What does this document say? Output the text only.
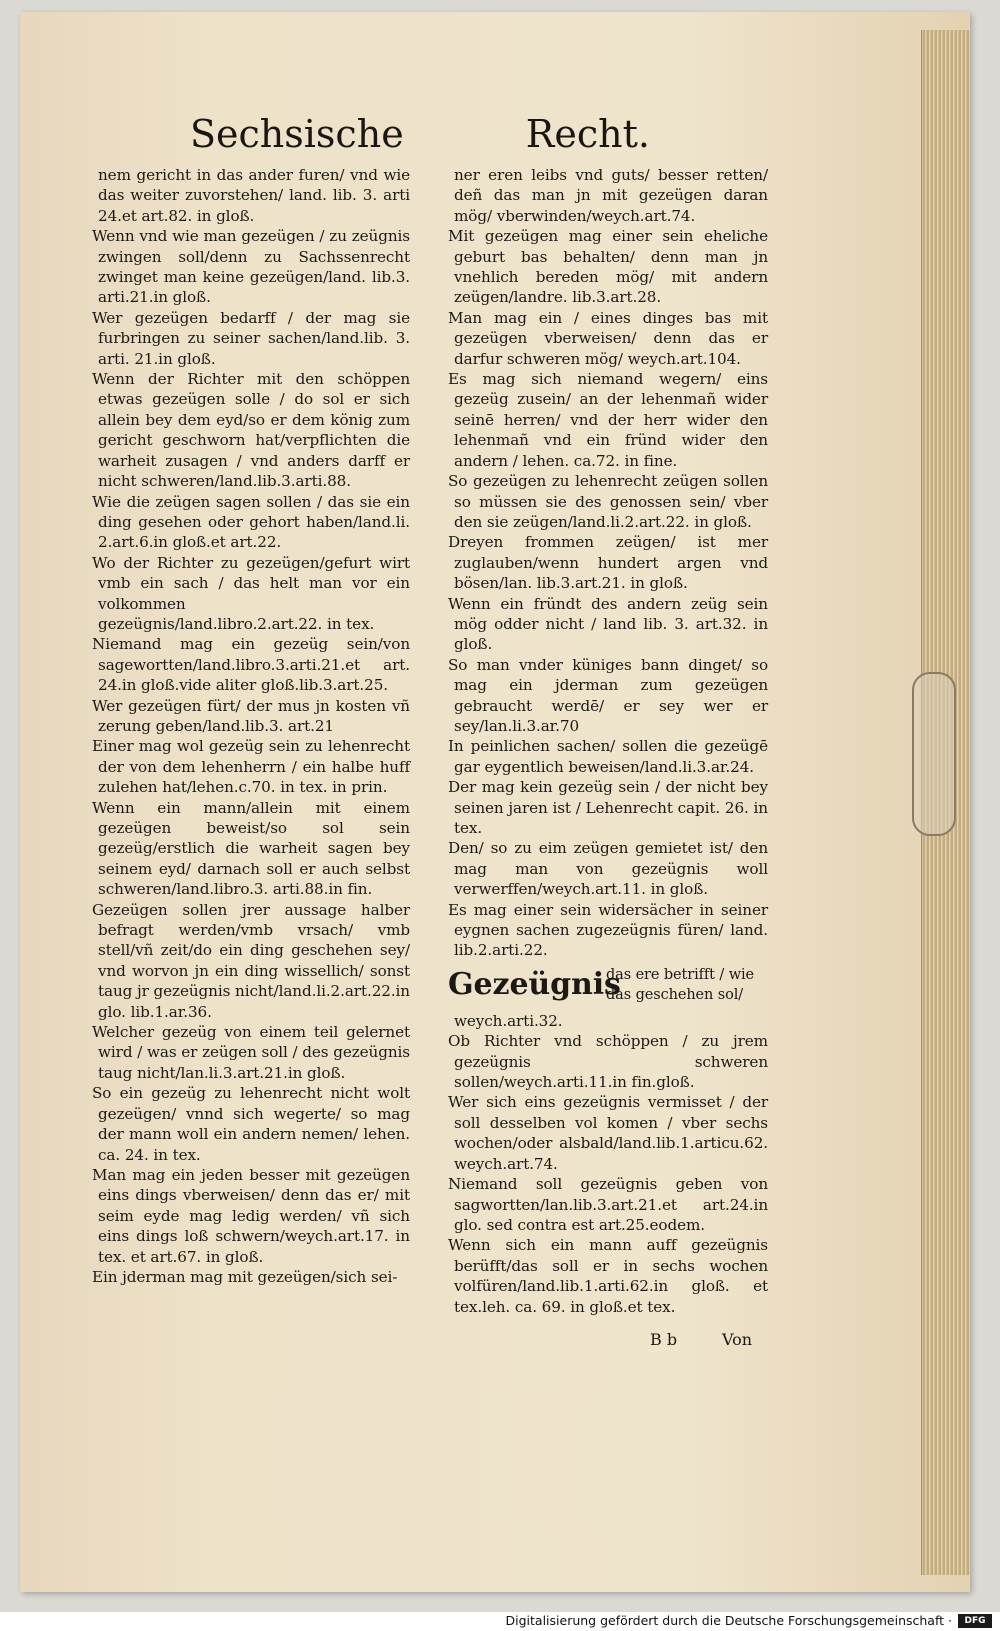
Sechsische	Recht.

nem gericht in das ander furen/ vnd wie das weiter zuvorstehen/ land. lib. 3. arti 24.et art.82. in gloß.

Wenn vnd wie man gezeügen / zu zeügnis zwingen soll/denn zu Sachssenrecht zwinget man keine gezeügen/land. lib.3. arti.21.in gloß.

Wer gezeügen bedarff / der mag sie furbringen zu seiner sachen/land.lib. 3. arti. 21.in gloß.

Wenn der Richter mit den schöppen etwas gezeügen solle / do sol er sich allein bey dem eyd/so er dem könig zum gericht geschworn hat/verpflichten die warheit zusagen / vnd anders darff er nicht schweren/land.lib.3.arti.88.

Wie die zeügen sagen sollen / das sie ein ding gesehen oder gehort haben/land.li. 2.art.6.in gloß.et art.22.

Wo der Richter zu gezeügen/gefurt wirt vmb ein sach / das helt man vor ein volkommen gezeügnis/land.libro.2.art.22. in tex.

Niemand mag ein gezeüg sein/von sagewortten/land.libro.3.arti.21.et art. 24.in gloß.vide aliter gloß.lib.3.art.25.

Wer gezeügen fürt/ der mus jn kosten vñ zerung geben/land.lib.3. art.21

Einer mag wol gezeüg sein zu lehenrecht der von dem lehenherrn / ein halbe huff zulehen hat/lehen.c.70. in tex. in prin.

Wenn ein mann/allein mit einem gezeügen beweist/so sol sein gezeüg/erstlich die warheit sagen bey seinem eyd/ darnach soll er auch selbst schweren/land.libro.3. arti.88.in fin.

Gezeügen sollen jrer aussage halber befragt werden/vmb vrsach/ vmb stell/vñ zeit/do ein ding geschehen sey/ vnd worvon jn ein ding wissellich/ sonst taug jr gezeügnis nicht/land.li.2.art.22.in glo. lib.1.ar.36.

Welcher gezeüg von einem teil gelernet wird / was er zeügen soll / des gezeügnis taug nicht/lan.li.3.art.21.in gloß.

So ein gezeüg zu lehenrecht nicht wolt gezeügen/ vnnd sich wegerte/ so mag der mann woll ein andern nemen/ lehen. ca. 24. in tex.

Man mag ein jeden besser mit gezeügen eins dings vberweisen/ denn das er/ mit seim eyde mag ledig werden/ vñ sich eins dings loß schwern/weych.art.17. in tex. et art.67. in gloß.

Ein jderman mag mit gezeügen/sich sei-

ner eren leibs vnd guts/ besser retten/ deñ das man jn mit gezeügen daran mög/ vberwinden/weych.art.74.

Mit gezeügen mag einer sein eheliche geburt bas behalten/ denn man jn vnehlich bereden mög/ mit andern zeügen/landre. lib.3.art.28.

Man mag ein / eines dinges bas mit gezeügen vberweisen/ denn das er darfur schweren mög/ weych.art.104.

Es mag sich niemand wegern/ eins gezeüg zusein/ an der lehenmañ wider seinē herren/ vnd der herr wider den lehenmañ vnd ein fründ wider den andern / lehen. ca.72. in fine.

So gezeügen zu lehenrecht zeügen sollen so müssen sie des genossen sein/ vber den sie zeügen/land.li.2.art.22. in gloß.

Dreyen frommen zeügen/ ist mer zuglauben/wenn hundert argen vnd bösen/lan. lib.3.art.21. in gloß.

Wenn ein fründt des andern zeüg sein mög odder nicht / land lib. 3. art.32. in gloß.

So man vnder küniges bann dinget/ so mag ein jderman zum gezeügen gebraucht werdē/ er sey wer er sey/lan.li.3.ar.70

In peinlichen sachen/ sollen die gezeügē gar eygentlich beweisen/land.li.3.ar.24.

Der mag kein gezeüg sein / der nicht bey seinen jaren ist / Lehenrecht capit. 26. in tex.

Den/ so zu eim zeügen gemietet ist/ den mag man von gezeügnis woll verwerffen/weych.art.11. in gloß.

Es mag einer sein widersächer in seiner eygnen sachen zugezeügnis füren/ land. lib.2.arti.22.

Gezeügnis
das ere betrifft / wie das geschehen sol/

weych.arti.32.

Ob Richter vnd schöppen / zu jrem gezeügnis schweren sollen/weych.arti.11.in fin.gloß.

Wer sich eins gezeügnis vermisset / der soll desselben vol komen / vber sechs wochen/oder alsbald/land.lib.1.articu.62. weych.art.74.

Niemand soll gezeügnis geben von sagwortten/lan.lib.3.art.21.et art.24.in glo. sed contra est art.25.eodem.

Wenn sich ein mann auff gezeügnis berüfft/das soll er in sechs wochen volfüren/land.lib.1.arti.62.in gloß. et tex.leh. ca. 69. in gloß.et tex.

B b	Von
Digitalisierung gefördert durch die Deutsche Forschungsgemeinschaft ·	DFG
